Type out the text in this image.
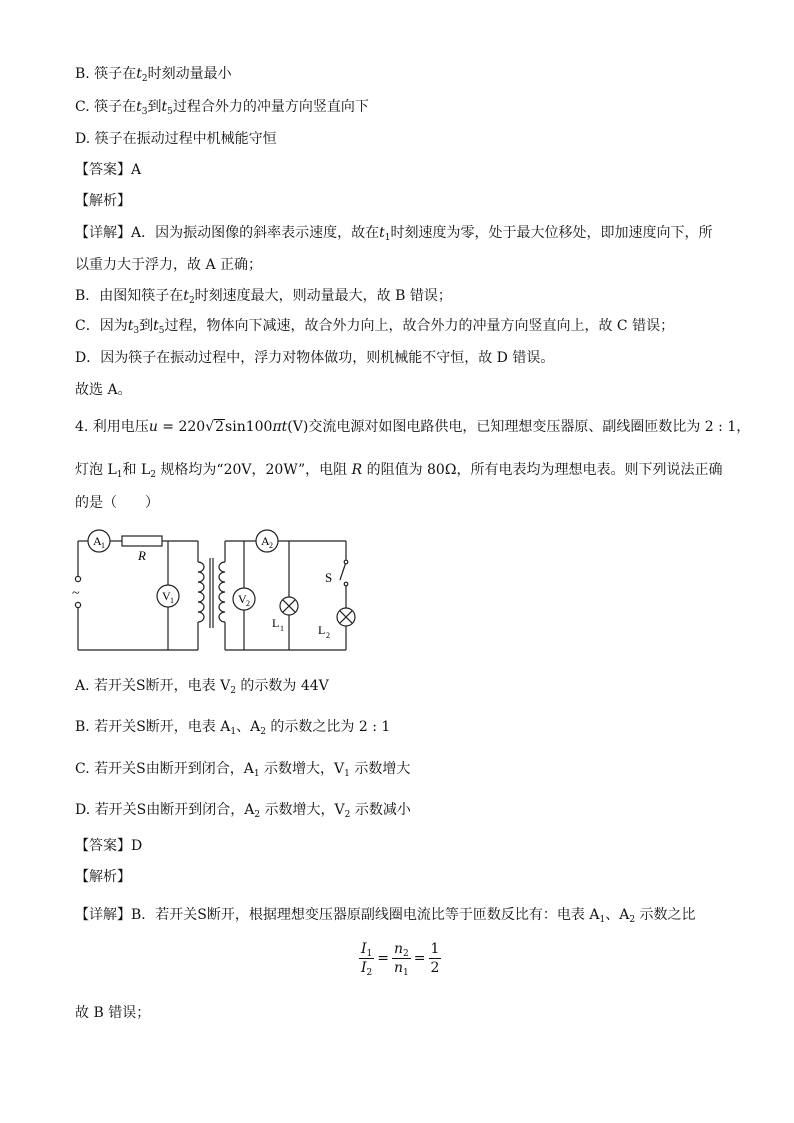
B. 筷子在$t_2$时刻动量最小
C. 筷子在$t_3$到$t_5$过程合外力的冲量方向竖直向下
D. 筷子在振动过程中机械能守恒
【答案】A
【解析】
【详解】A．因为振动图像的斜率表示速度，故在$t_1$时刻速度为零，处于最大位移处，即加速度向下，所
以重力大于浮力，故 A 正确；
B．由图知筷子在$t_2$时刻速度最大，则动量最大，故 B 错误；
C．因为$t_3$到$t_5$过程，物体向下减速，故合外力向上，故合外力的冲量方向竖直向上，故 C 错误；
D．因为筷子在振动过程中，浮力对物体做功，则机械能不守恒，故 D 错误。
故选 A。
4. 利用电压u = 220√2sin100πt(V)交流电源对如图电路供电，已知理想变压器原、副线圈匝数比为 2 : 1，
灯泡 $L_1$和 $L_2$ 规格均为“20V，20W”，电阻 R 的阻值为 80Ω，所有电表均为理想电表。则下列说法正确
的是（　　）
A 1
V 1
A 2
V 2
R
~
S
L 1	L 2
A. 若开关S断开，电表 $V_2$ 的示数为 44V
B. 若开关S断开，电表 $A_1$、$A_2$ 的示数之比为 2 : 1
C. 若开关S由断开到闭合，$A_1$ 示数增大，$V_1$ 示数增大
D. 若开关S由断开到闭合，$A_2$ 示数增大，$V_2$ 示数减小
【答案】D
【解析】
【详解】B．若开关S断开，根据理想变压器原副线圈电流比等于匝数反比有：电表 $A_1$、$A_2$ 示数之比
$\frac{I_1}{I_2} = \frac{n_2}{n_1} = \frac{1}{2}$
故 B 错误；
